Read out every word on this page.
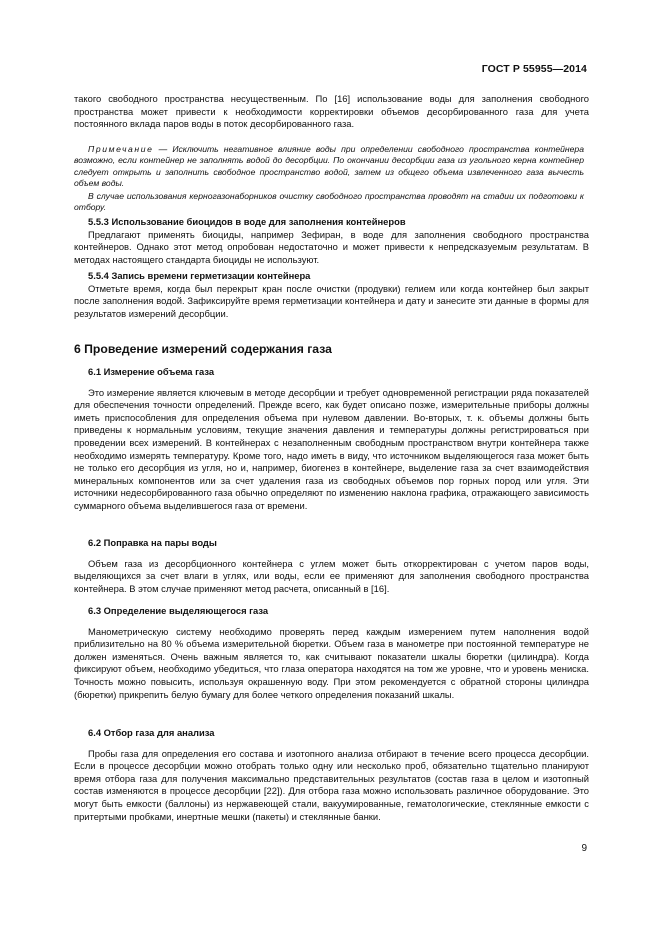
ГОСТ Р 55955—2014

такого свободного пространства несущественным. По [16] использование воды для заполнения свободного пространства может привести к необходимости корректировки объемов десорбированного газа для учета постоянного вклада паров воды в поток десорбированного газа.

Примечание — Исключить негативное влияние воды при определении свободного пространства контейнера возможно, если контейнер не заполнять водой до десорбции. По окончании десорбции газа из угольного керна контейнер следует открыть и заполнить свободное пространство водой, затем из общего объема извлеченного газа вычесть объем воды.

В случае использования керногазонаборников очистку свободного пространства проводят на стадии их подготовки к отбору.

5.5.3 Использование биоцидов в воде для заполнения контейнеров

Предлагают применять биоциды, например Зефиран, в воде для заполнения свободного пространства контейнеров. Однако этот метод опробован недостаточно и может привести к непредсказуемым результатам. В методах настоящего стандарта биоциды не используют.

5.5.4 Запись времени герметизации контейнера

Отметьте время, когда был перекрыт кран после очистки (продувки) гелием или когда контейнер был закрыт после заполнения водой. Зафиксируйте время герметизации контейнера и дату и занесите эти данные в формы для результатов измерений десорбции.

6 Проведение измерений содержания газа

6.1 Измерение объема газа

Это измерение является ключевым в методе десорбции и требует одновременной регистрации ряда показателей для обеспечения точности определений. Прежде всего, как будет описано позже, измерительные приборы должны иметь приспособления для определения объема при нулевом давлении. Во-вторых, т. к. объемы должны быть приведены к нормальным условиям, текущие значения давления и температуры должны регистрироваться при проведении всех измерений. В контейнерах с незаполненным свободным пространством внутри контейнера также необходимо измерять температуру. Кроме того, надо иметь в виду, что источником выделяющегося газа может быть не только его десорбция из угля, но и, например, биогенез в контейнере, выделение газа за счет взаимодействия минеральных компонентов или за счет удаления газа из свободных объемов пор горных пород или угля. Эти источники недесорбированного газа обычно определяют по изменению наклона графика, отражающего зависимость суммарного объема выделившегося газа от времени.

6.2 Поправка на пары воды

Объем газа из десорбционного контейнера с углем может быть откорректирован с учетом паров воды, выделяющихся за счет влаги в углях, или воды, если ее применяют для заполнения свободного пространства контейнера. В этом случае применяют метод расчета, описанный в [16].

6.3 Определение выделяющегося газа

Манометрическую систему необходимо проверять перед каждым измерением путем наполнения водой приблизительно на 80 % объема измерительной бюретки. Объем газа в манометре при постоянной температуре не должен изменяться. Очень важным является то, как считывают показатели шкалы бюретки (цилиндра). Когда фиксируют объем, необходимо убедиться, что глаза оператора находятся на том же уровне, что и уровень мениска. Точность можно повысить, используя окрашенную воду. При этом рекомендуется с обратной стороны цилиндра (бюретки) прикрепить белую бумагу для более четкого определения показаний шкалы.

6.4 Отбор газа для анализа

Пробы газа для определения его состава и изотопного анализа отбирают в течение всего процесса десорбции. Если в процессе десорбции можно отобрать только одну или несколько проб, обязательно тщательно планируют время отбора газа для получения максимально представительных результатов (состав газа в целом и изотопный состав изменяются в процессе десорбции [22]). Для отбора газа можно использовать различное оборудование. Это могут быть емкости (баллоны) из нержавеющей стали, вакуумированные, гематологические, стеклянные емкости с притертыми пробками, инертные мешки (пакеты) и стеклянные банки.

9
